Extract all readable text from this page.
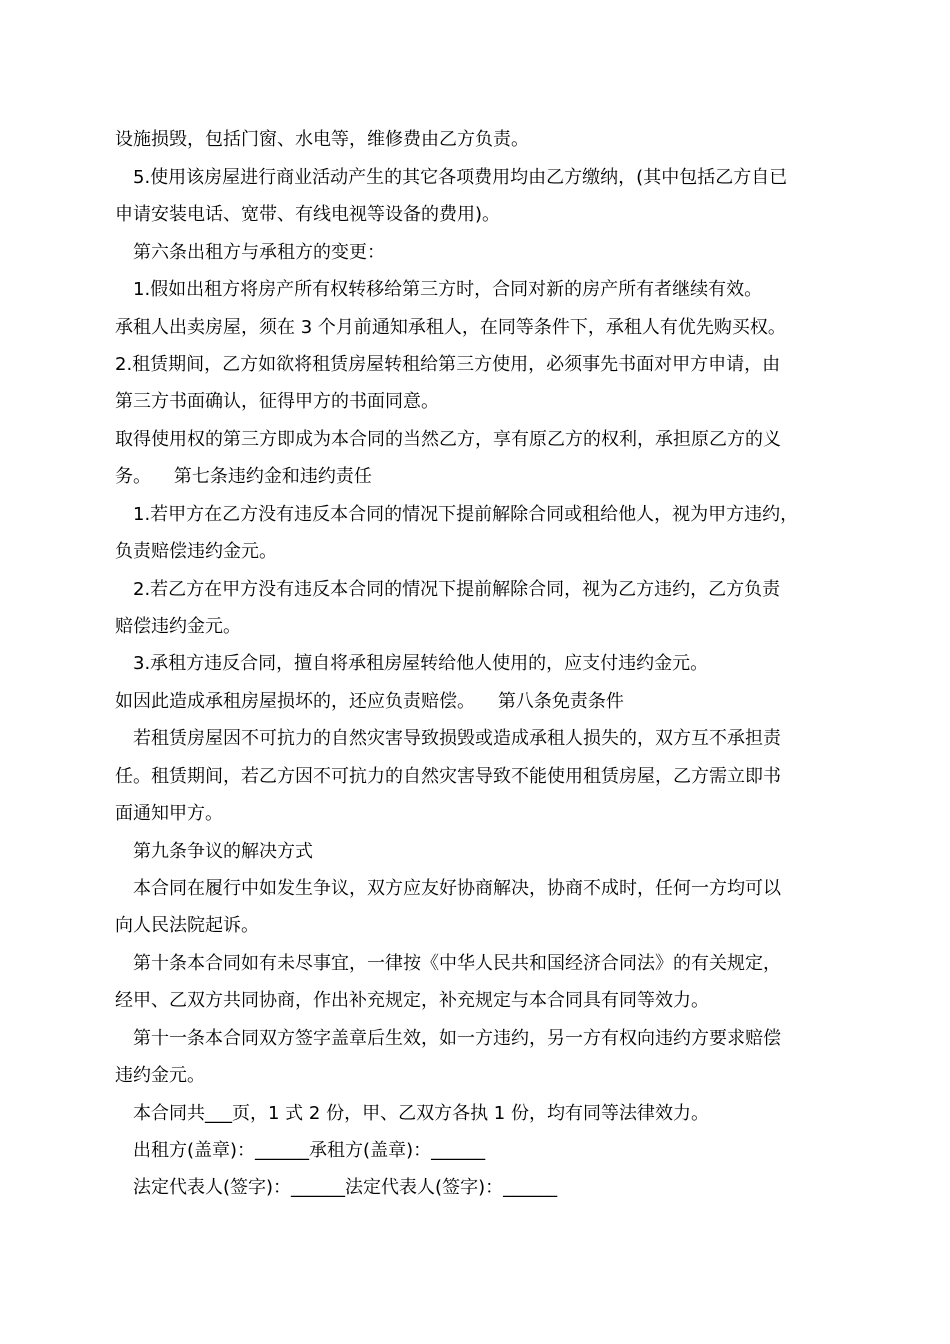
设施损毁，包括门窗、水电等，维修费由乙方负责。
5.使用该房屋进行商业活动产生的其它各项费用均由乙方缴纳，(其中包括乙方自已
申请安装电话、宽带、有线电视等设备的费用)。
第六条出租方与承租方的变更：
1.假如出租方将房产所有权转移给第三方时，合同对新的房产所有者继续有效。
承租人出卖房屋，须在 3 个月前通知承租人，在同等条件下，承租人有优先购买权。
2.租赁期间，乙方如欲将租赁房屋转租给第三方使用，必须事先书面对甲方申请，由
第三方书面确认，征得甲方的书面同意。
取得使用权的第三方即成为本合同的当然乙方，享有原乙方的权利，承担原乙方的义
务。    第七条违约金和违约责任
1.若甲方在乙方没有违反本合同的情况下提前解除合同或租给他人，视为甲方违约，
负责赔偿违约金元。
2.若乙方在甲方没有违反本合同的情况下提前解除合同，视为乙方违约，乙方负责
赔偿违约金元。
3.承租方违反合同，擅自将承租房屋转给他人使用的，应支付违约金元。
如因此造成承租房屋损坏的，还应负责赔偿。    第八条免责条件
若租赁房屋因不可抗力的自然灾害导致损毁或造成承租人损失的，双方互不承担责
任。租赁期间，若乙方因不可抗力的自然灾害导致不能使用租赁房屋，乙方需立即书
面通知甲方。
第九条争议的解决方式
本合同在履行中如发生争议，双方应友好协商解决，协商不成时，任何一方均可以
向人民法院起诉。
第十条本合同如有未尽事宜，一律按《中华人民共和国经济合同法》的有关规定，
经甲、乙双方共同协商，作出补充规定，补充规定与本合同具有同等效力。
第十一条本合同双方签字盖章后生效，如一方违约，另一方有权向违约方要求赔偿
违约金元。
本合同共___页，1 式 2 份，甲、乙双方各执 1 份，均有同等法律效力。
出租方(盖章)：______承租方(盖章)：______
法定代表人(签字)：______法定代表人(签字)：______
